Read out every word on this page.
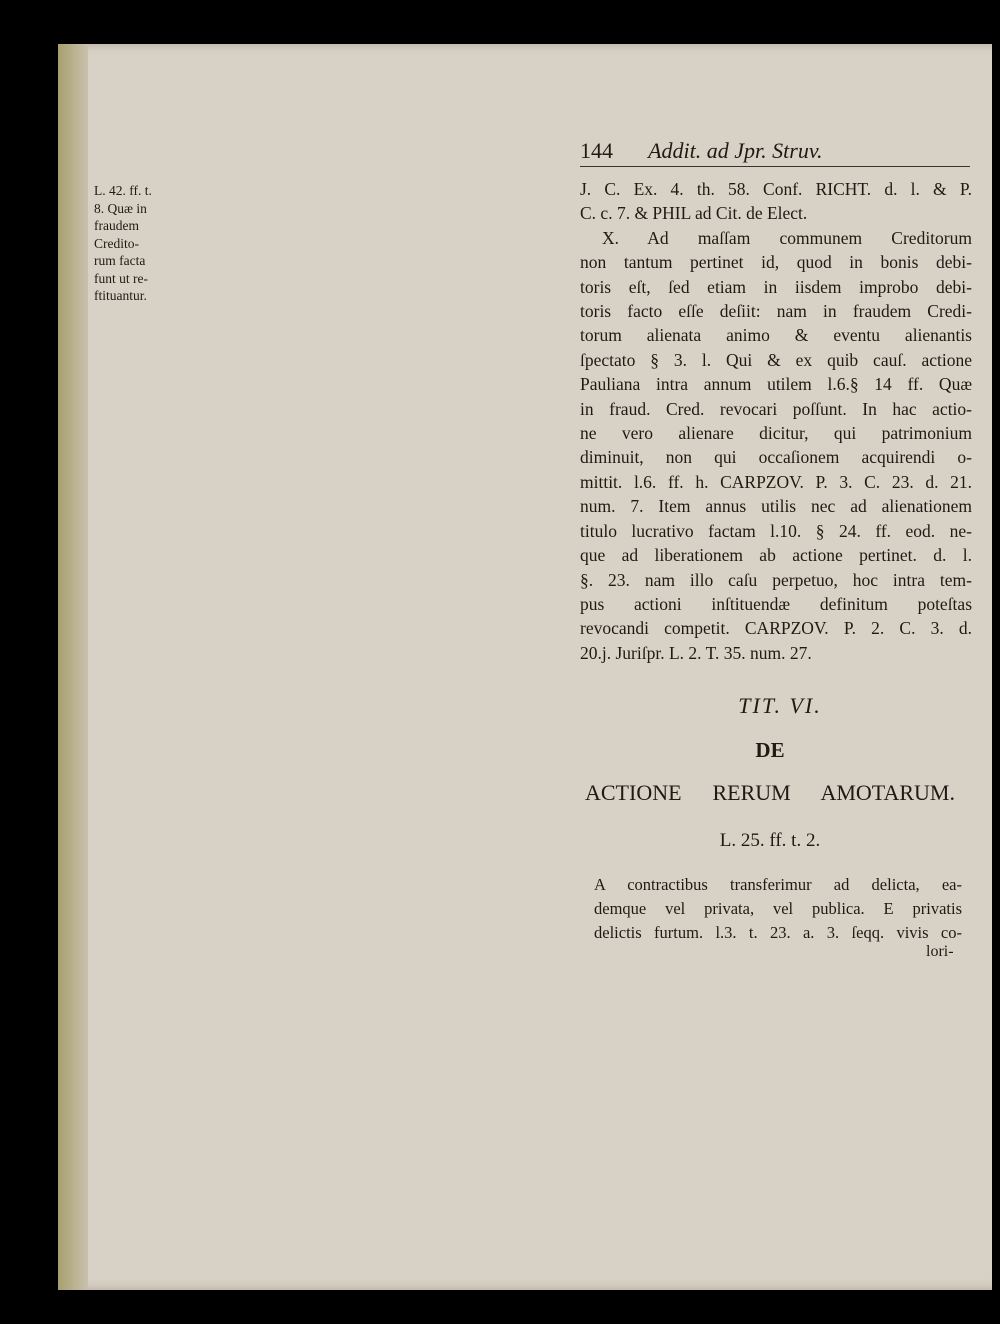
144 Addit. ad Jpr. Struv.
L. 42. ff. t.
8. Quæ in
fraudem
Credito-
rum facta
funt ut re-
ftituantur.
J. C. Ex. 4. th. 58. Conf. RICHT. d. l. & P.
C. c. 7. & PHIL ad Cit. de Elect.
X. Ad maſſam communem Creditorum
non tantum pertinet id, quod in bonis debi-
toris eſt, ſed etiam in iisdem improbo debi-
toris facto eſſe deſiit: nam in fraudem Credi-
torum alienata animo & eventu alienantis
ſpectato § 3. l. Qui & ex quib cauſ. actione
Pauliana intra annum utilem l.6.§ 14 ff. Quæ
in fraud. Cred. revocari poſſunt. In hac actio-
ne vero alienare dicitur, qui patrimonium
diminuit, non qui occaſionem acquirendi o-
mittit. l.6. ff. h. CARPZOV. P. 3. C. 23. d. 21.
num. 7. Item annus utilis nec ad alienationem
titulo lucrativo factam l.10. § 24. ff. eod. ne-
que ad liberationem ab actione pertinet. d. l.
§. 23. nam illo caſu perpetuo, hoc intra tem-
pus actioni inſtituendæ definitum poteſtas
revocandi competit. CARPZOV. P. 2. C. 3. d.
20.j. Juriſpr. L. 2. T. 35. num. 27.
TIT. VI.
DE
ACTIONE RERUM AMOTARUM.
L. 25. ff. t. 2.
A contractibus transferimur ad delicta, ea-
demque vel privata, vel publica. E privatis
delictis furtum. l.3. t. 23. a. 3. ſeqq. vivis co-
lori-
